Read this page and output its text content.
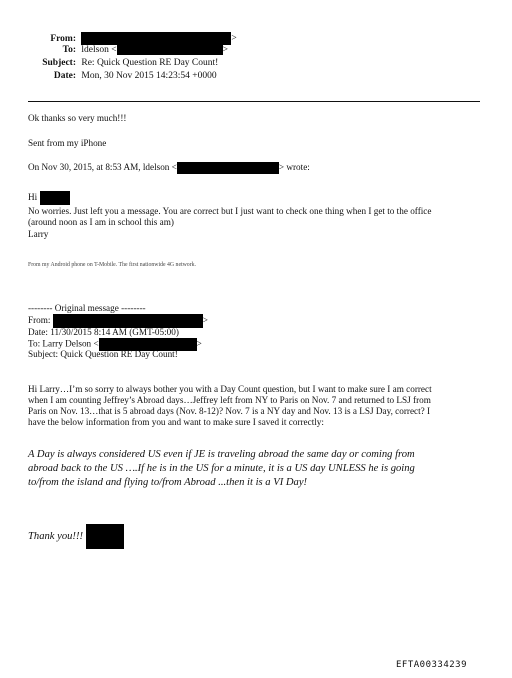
From:	>
To: ldelson <	>
Subject: Re: Quick Question RE Day Count!
Date: Mon, 30 Nov 2015 14:23:54 +0000
Ok thanks so very much!!!
Sent from my iPhone
On Nov 30, 2015, at 8:53 AM, ldelson <	> wrote:
Hi
No worries. Just left you a message. You are correct but I just want to check one thing when I get to the office
(around noon as I am in school this am)
Larry
From my Android phone on T-Mobile. The first nationwide 4G network.
-------- Original message --------
From:	>
Date: 11/30/2015 8:14 AM (GMT-05:00)
To: Larry Delson <	>
Subject: Quick Question RE Day Count!
Hi Larry…I’m so sorry to always bother you with a Day Count question, but I want to make sure I am correct
when I am counting Jeffrey’s Abroad days…Jeffrey left from NY to Paris on Nov. 7 and returned to LSJ from
Paris on Nov. 13…that is 5 abroad days (Nov. 8-12)? Nov. 7 is a NY day and Nov. 13 is a LSJ Day, correct? I
have the below information from you and want to make sure I saved it correctly:
A Day is always considered US even if JE is traveling abroad the same day or coming from
abroad back to the US ….If he is in the US for a minute, it is a US day UNLESS he is going
to/from the island and flying to/from Abroad ...then it is a VI Day!
Thank you!!!
EFTA00334239
